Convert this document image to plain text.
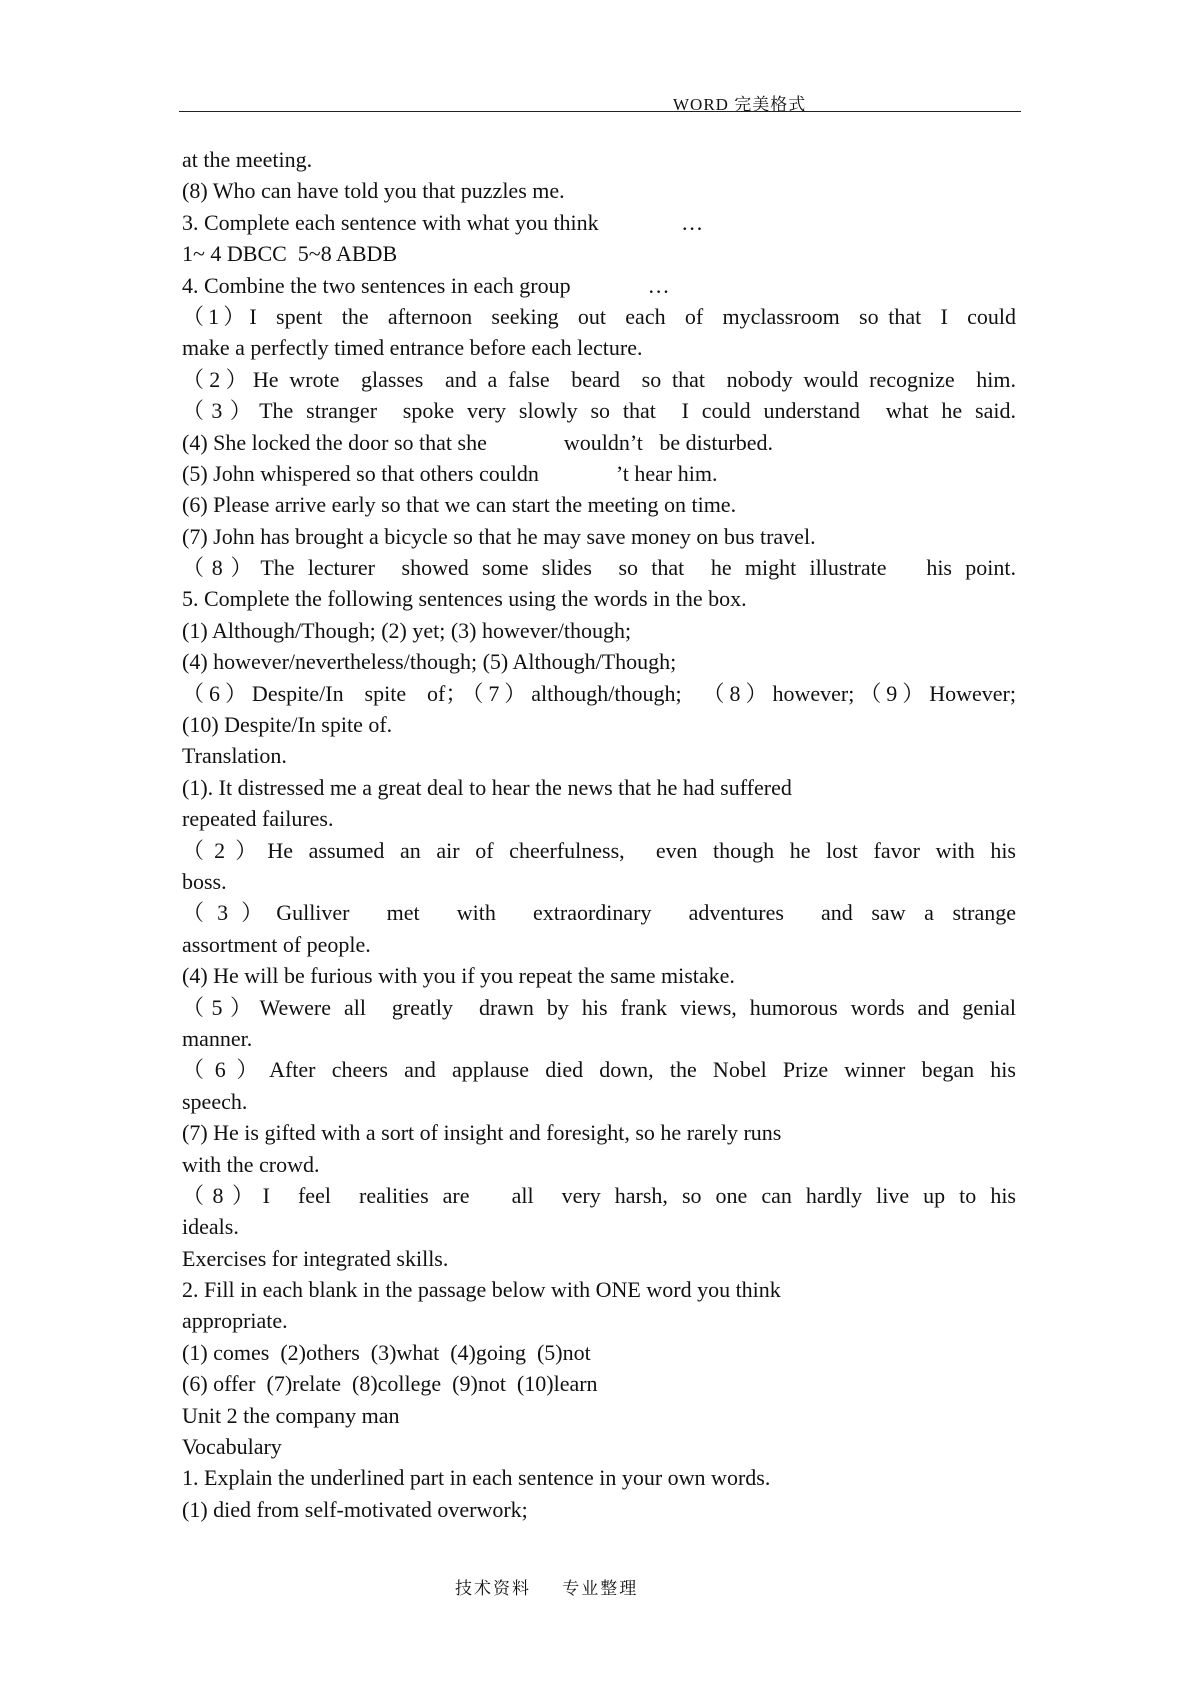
WORD 完美格式
at the meeting.
(8) Who can have told you that puzzles me.
3. Complete each sentence with what you think               …
1~ 4 DBCC  5~8 ABDB
4. Combine the two sentences in each group              …
（1）I  spent  the  afternoon  seeking  out  each  of  myclassroom  so that  I  could
make a perfectly timed entrance before each lecture.
（2）He wrote  glasses  and a false  beard  so that  nobody would recognize  him.
（3）The stranger  spoke very slowly so that  I could understand  what he said.
(4) She locked the door so that she              wouldn’t   be disturbed.
(5) John whispered so that others couldn              ’t hear him.
(6) Please arrive early so that we can start the meeting on time.
(7) John has brought a bicycle so that he may save money on bus travel.
（8）The lecturer  showed some slides  so that  he might illustrate   his point.
5. Complete the following sentences using the words in the box.
(1) Although/Though; (2) yet; (3) however/though;
(4) however/nevertheless/though; (5) Although/Though;
（6）Despite/In  spite  of；（7）although/though;  （8）however;（9）However;
(10) Despite/In spite of.
Translation.
(1). It distressed me a great deal to hear the news that he had suffered
repeated failures.
（2）He assumed an air of cheerfulness,  even though he lost favor with his
boss.
（3）Gulliver  met  with  extraordinary  adventures  and saw a strange
assortment of people.
(4) He will be furious with you if you repeat the same mistake.
（5）Wewere all  greatly  drawn by his frank views, humorous words and genial
manner.
（6）After cheers and applause died down, the Nobel Prize winner began his
speech.
(7) He is gifted with a sort of insight and foresight, so he rarely runs
with the crowd.
（8）I  feel  realities are   all  very harsh, so one can hardly live up to his
ideals.
Exercises for integrated skills.
2. Fill in each blank in the passage below with ONE word you think
appropriate.
(1) comes  (2)others  (3)what  (4)going  (5)not
(6) offer  (7)relate  (8)college  (9)not  (10)learn
Unit 2 the company man
Vocabulary
1. Explain the underlined part in each sentence in your own words.
(1) died from self-motivated overwork;
技术资料     专业整理
